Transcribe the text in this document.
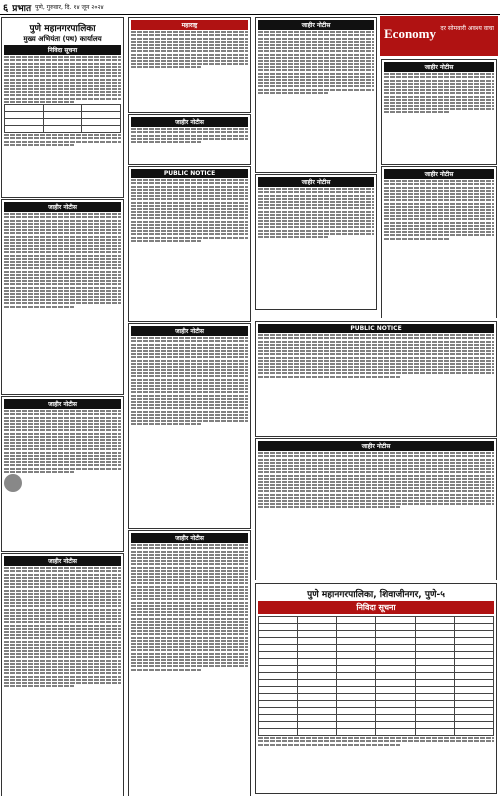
६ प्रभात पुणे, गुरुवार, दि. १४ जून २०२४
पुणे महानगरपालिका
मुख्य अभियंता (पथ) कार्यालय
निविदा सूचना

जाहीर नोटीस
जाहीर नोटीस
जाहीर नोटीस
महाराष्ट्र
जाहीर नोटीस
PUBLIC NOTICE
जाहीर नोटीस
जाहीर नोटीस
जाहीर नोटीस
जाहीर नोटीस
Economy दर सोमवारी अवश्य वाचा
जाहीर नोटीस
जाहीर नोटीस
PUBLIC NOTICE
जाहीर नोटीस
पुणे महानगरपालिका, शिवाजीनगर, पुणे-५
निविदा सूचना
